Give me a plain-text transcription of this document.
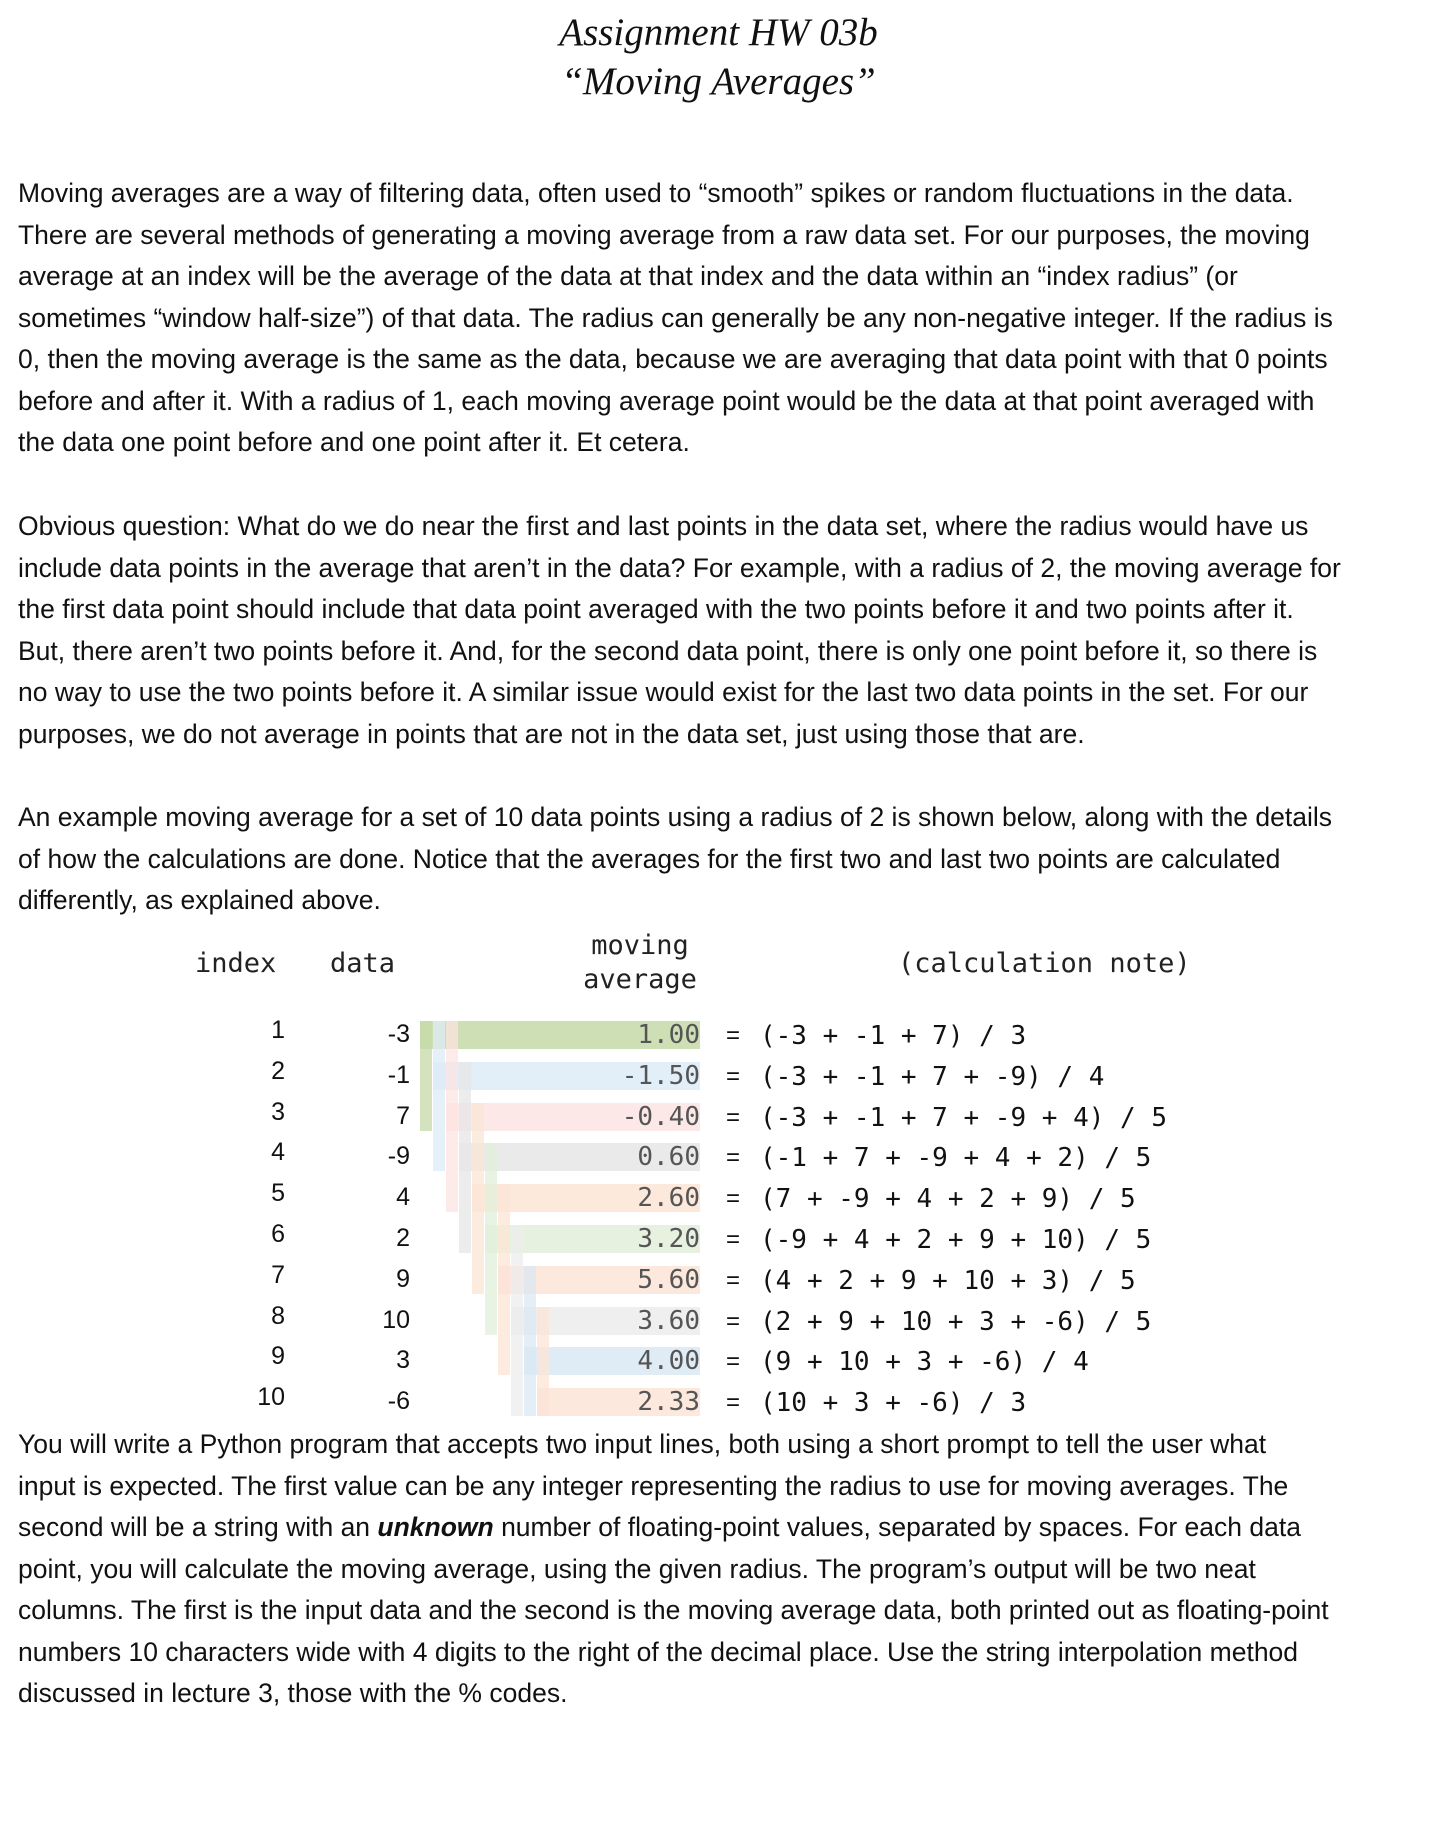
Assignment HW 03b
“Moving Averages”
Moving averages are a way of filtering data, often used to “smooth” spikes or random fluctuations in the data.
There are several methods of generating a moving average from a raw data set. For our purposes, the moving
average at an index will be the average of the data at that index and the data within an “index radius” (or
sometimes “window half-size”) of that data. The radius can generally be any non-negative integer. If the radius is
0, then the moving average is the same as the data, because we are averaging that data point with that 0 points
before and after it. With a radius of 1, each moving average point would be the data at that point averaged with
the data one point before and one point after it. Et cetera.
Obvious question: What do we do near the first and last points in the data set, where the radius would have us
include data points in the average that aren’t in the data? For example, with a radius of 2, the moving average for
the first data point should include that data point averaged with the two points before it and two points after it.
But, there aren’t two points before it. And, for the second data point, there is only one point before it, so there is
no way to use the two points before it. A similar issue would exist for the last two data points in the set. For our
purposes, we do not average in points that are not in the data set, just using those that are.
An example moving average for a set of 10 data points using a radius of 2 is shown below, along with the details
of how the calculations are done. Notice that the averages for the first two and last two points are calculated
differently, as explained above.
index data
moving
average
(calculation note)
1	-3	1.00 = (-3 + -1 + 7) / 3
2	-1	-1.50 = (-3 + -1 + 7 + -9) / 4
3	7	-0.40 = (-3 + -1 + 7 + -9 + 4) / 5
4	-9	0.60 = (-1 + 7 + -9 + 4 + 2) / 5
5	4	2.60 = (7 + -9 + 4 + 2 + 9) / 5
6	2	3.20 = (-9 + 4 + 2 + 9 + 10) / 5
7	9	5.60 = (4 + 2 + 9 + 10 + 3) / 5
8	10	3.60 = (2 + 9 + 10 + 3 + -6) / 5
9	3	4.00 = (9 + 10 + 3 + -6) / 4
10	-6	2.33 = (10 + 3 + -6) / 3
You will write a Python program that accepts two input lines, both using a short prompt to tell the user what
input is expected. The first value can be any integer representing the radius to use for moving averages. The
second will be a string with an unknown number of floating-point values, separated by spaces. For each data
point, you will calculate the moving average, using the given radius. The program’s output will be two neat
columns. The first is the input data and the second is the moving average data, both printed out as floating-point
numbers 10 characters wide with 4 digits to the right of the decimal place. Use the string interpolation method
discussed in lecture 3, those with the % codes.
